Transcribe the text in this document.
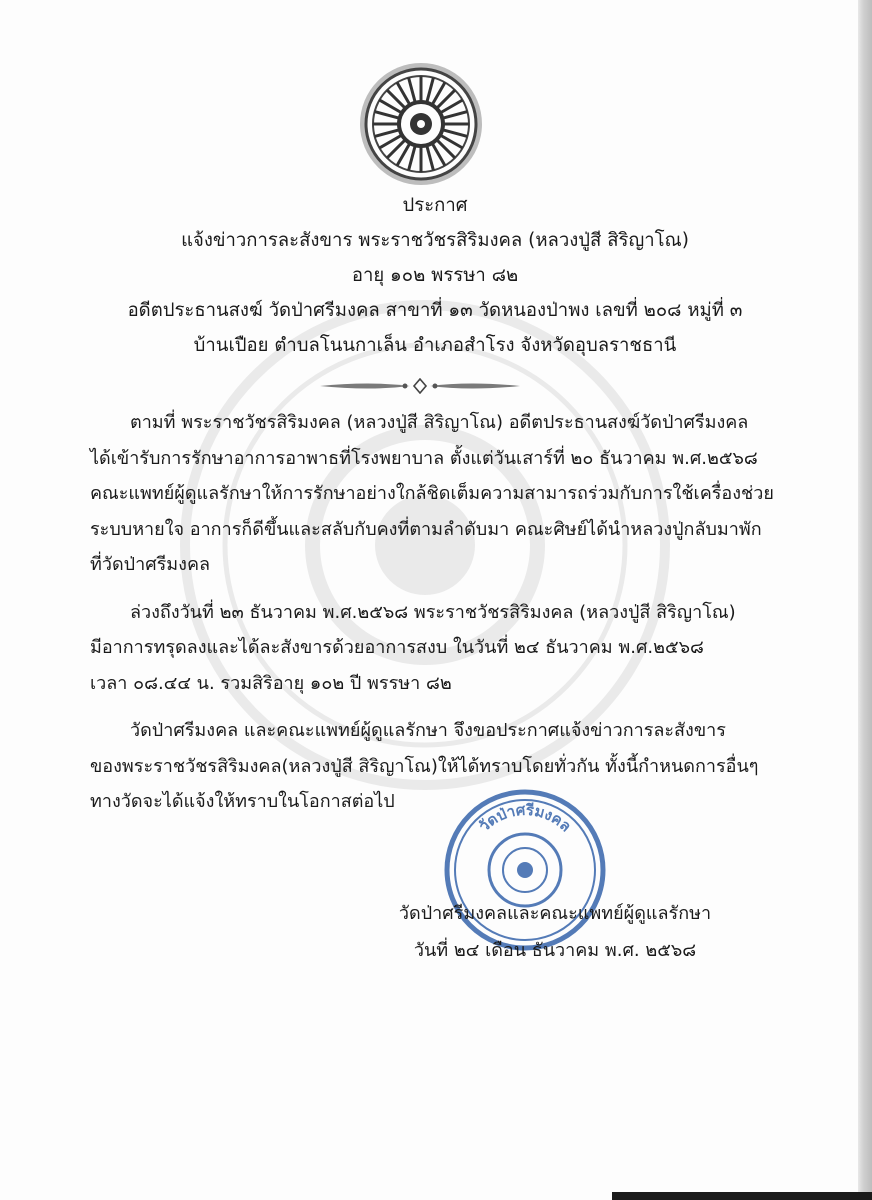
ประกาศ
แจ้งข่าวการละสังขาร พระราชวัชรสิริมงคล (หลวงปู่สี สิริญาโณ)
อายุ ๑๐๒ พรรษา ๘๒
อดีตประธานสงฆ์ วัดป่าศรีมงคล สาขาที่ ๑๓ วัดหนองป่าพง เลขที่ ๒๐๘ หมู่ที่ ๓
บ้านเปือย ตำบลโนนกาเล็น อำเภอสำโรง จังหวัดอุบลราชธานี
ตามที่ พระราชวัชรสิริมงคล (หลวงปู่สี สิริญาโณ) อดีตประธานสงฆ์วัดป่าศรีมงคล
ได้เข้ารับการรักษาอาการอาพาธที่โรงพยาบาล ตั้งแต่วันเสาร์ที่ ๒๐ ธันวาคม พ.ศ.๒๕๖๘
คณะแพทย์ผู้ดูแลรักษาให้การรักษาอย่างใกล้ชิดเต็มความสามารถร่วมกับการใช้เครื่องช่วย
ระบบหายใจ อาการก็ดีขึ้นและสลับกับคงที่ตามลำดับมา คณะศิษย์ได้นำหลวงปู่กลับมาพัก
ที่วัดป่าศรีมงคล
ล่วงถึงวันที่ ๒๓ ธันวาคม พ.ศ.๒๕๖๘ พระราชวัชรสิริมงคล (หลวงปู่สี สิริญาโณ)
มีอาการทรุดลงและได้ละสังขารด้วยอาการสงบ ในวันที่ ๒๔ ธันวาคม พ.ศ.๒๕๖๘
เวลา ๐๘.๔๔ น. รวมสิริอายุ ๑๐๒ ปี พรรษา ๘๒
วัดป่าศรีมงคล และคณะแพทย์ผู้ดูแลรักษา จึงขอประกาศแจ้งข่าวการละสังขาร
ของพระราชวัชรสิริมงคล(หลวงปู่สี สิริญาโณ)ให้ได้ทราบโดยทั่วกัน ทั้งนี้กำหนดการอื่นๆ
ทางวัดจะได้แจ้งให้ทราบในโอกาสต่อไป
วัดป่าศรีมงคล
วัดป่าศรีมงคลและคณะแพทย์ผู้ดูแลรักษา
วันที่ ๒๔ เดือน ธันวาคม พ.ศ. ๒๕๖๘
